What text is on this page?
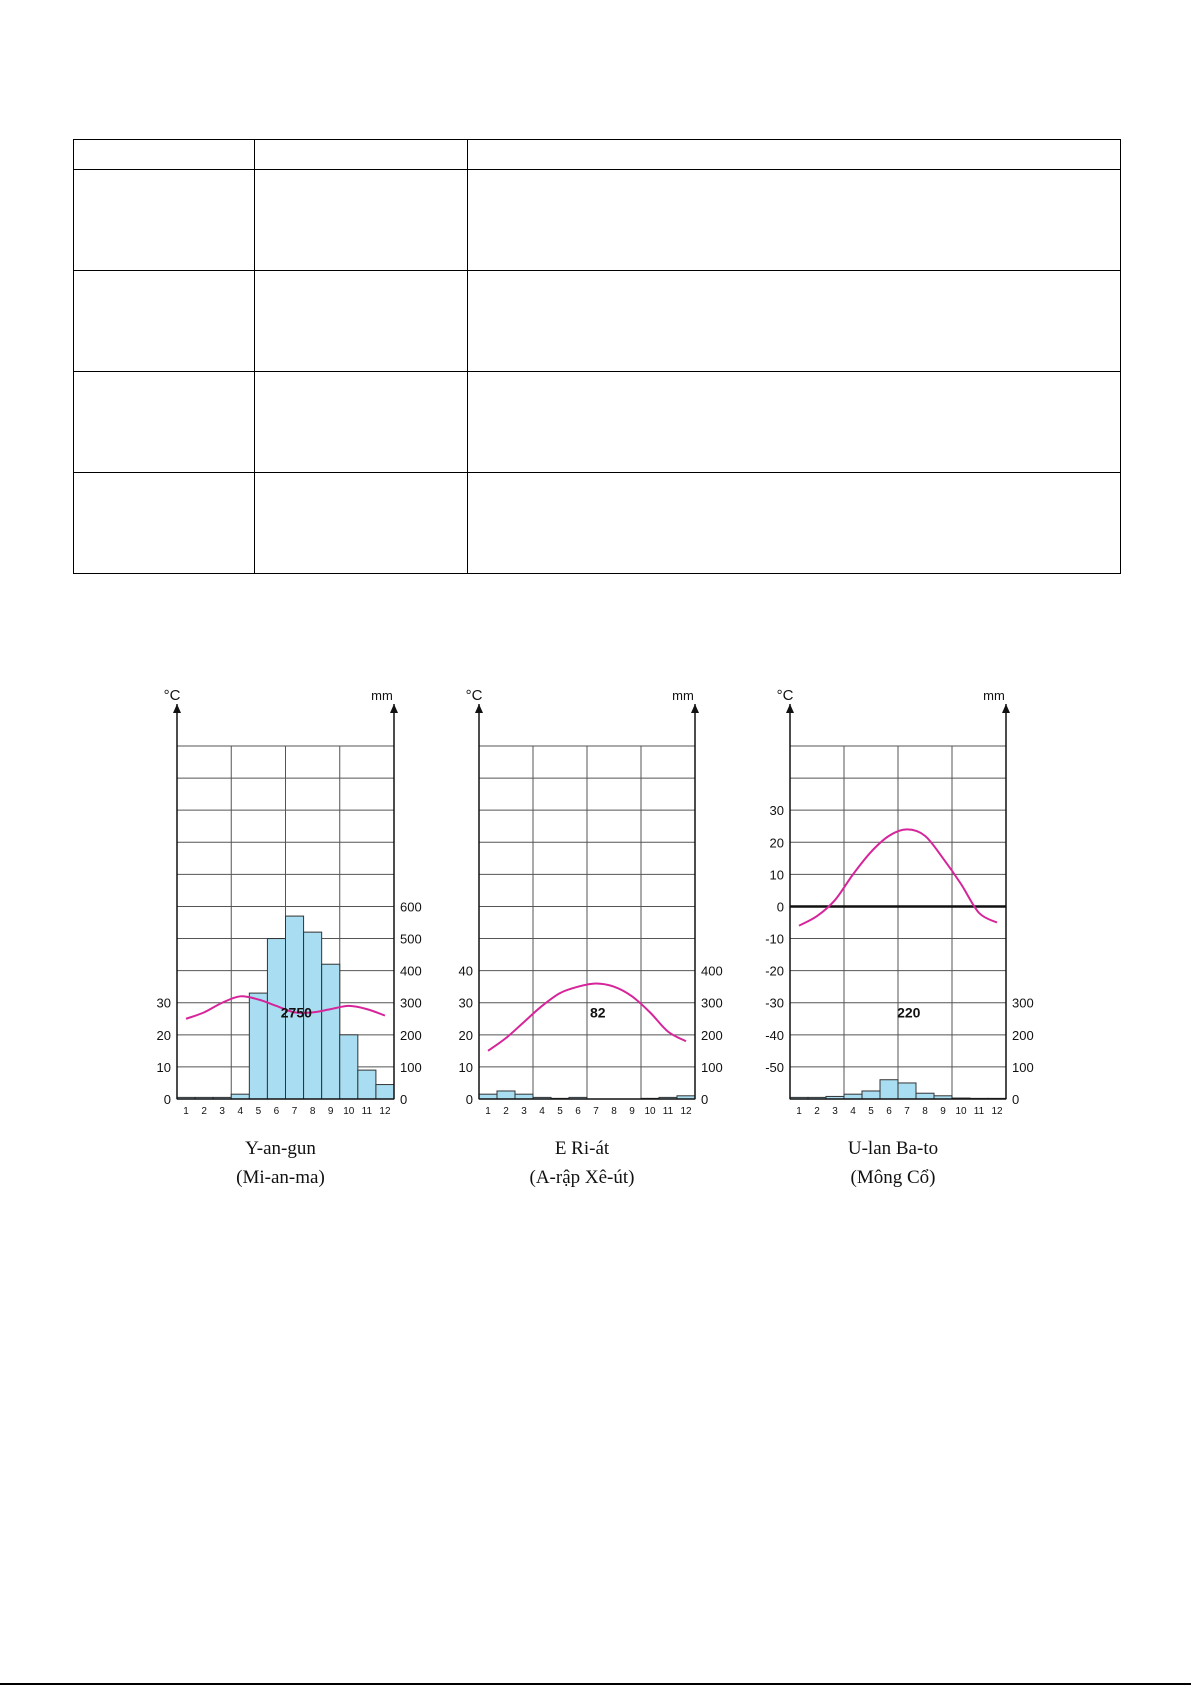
°C	mm
0
10
20
30
0
100
200
300
400
500
600
1 2 3 4 5 6 7 8 9 10 11 12
2750
Y-an-gun
(Mi-an-ma)
°C	mm
0
10
20
30
40
0
100
200
300
400
1 2 3 4 5 6 7 8 9 10 11 12
82
E Ri-át
(A-rập Xê-út)
°C	mm
-50
-40
-30
-20
-10
0
10
20
30
0
100
200
300
1 2 3 4 5 6 7 8 9 10 11 12
220
U-lan Ba-to
(Mông Cổ)
